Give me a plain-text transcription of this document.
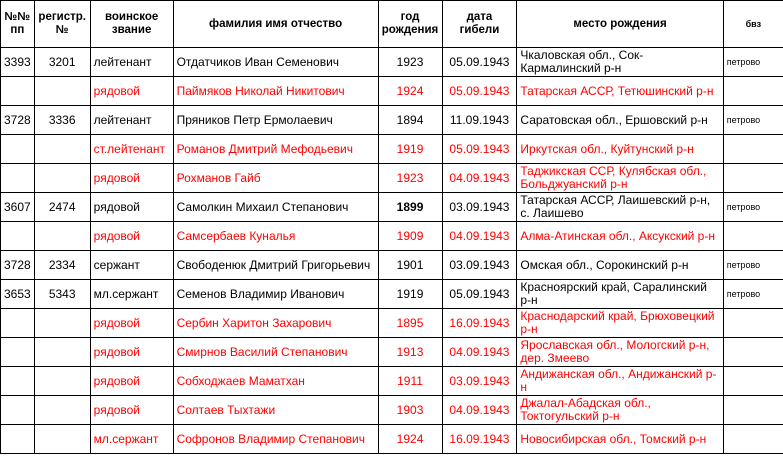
№№ пп	регистр. №	воинское звание	фамилия имя отчество	год рождения	дата гибели	место рождения	бвз
3393	3201	лейтенант	Отдатчиков Иван Семенович	1923	05.09.1943	Чкаловская обл., Сок-Кармалинский р-н	петрово
		рядовой	Паймяков Николай Никитович	1924	05.09.1943	Татарская АССР, Тетюшинский р-н	
3728	3336	лейтенант	Пряников Петр Ермолаевич	1894	11.09.1943	Саратовская обл., Ершовский р-н	петрово
		ст.лейтенант	Романов Дмитрий Мефодьевич	1919	05.09.1943	Иркутская обл., Куйтунский р-н	
		рядовой	Рохманов Гайб	1923	04.09.1943	Таджикская ССР, Кулябская обл., Больджуанский р-н	
3607	2474	рядовой	Самолкин Михаил Степанович	1899	03.09.1943	Татарская АССР, Лаишевский р-н, с. Лаишево	петрово
		рядовой	Самсербаев Куналья	1909	04.09.1943	Алма-Атинская обл., Аксукский р-н	
3728	2334	сержант	Свободенюк Дмитрий Григорьевич	1901	03.09.1943	Омская обл., Сорокинский р-н	петрово
3653	5343	мл.сержант	Семенов Владимир Иванович	1919	05.09.1943	Красноярский край, Саралинский р-н	петрово
		рядовой	Сербин Харитон Захарович	1895	16.09.1943	Краснодарский край, Брюховецкий р-н	
		рядовой	Смирнов Василий Степанович	1913	04.09.1943	Ярославская обл., Мологский р-н, дер. Змеево	
		рядовой	Собходжаев Маматхан	1911	03.09.1943	Андижанская обл., Андижанский р-н	
		рядовой	Солтаев Тыхтажи	1903	04.09.1943	Джалал-Абадская обл., Токтогульский р-н	
		мл.сержант	Софронов Владимир Степанович	1924	16.09.1943	Новосибирская обл., Томский р-н	
